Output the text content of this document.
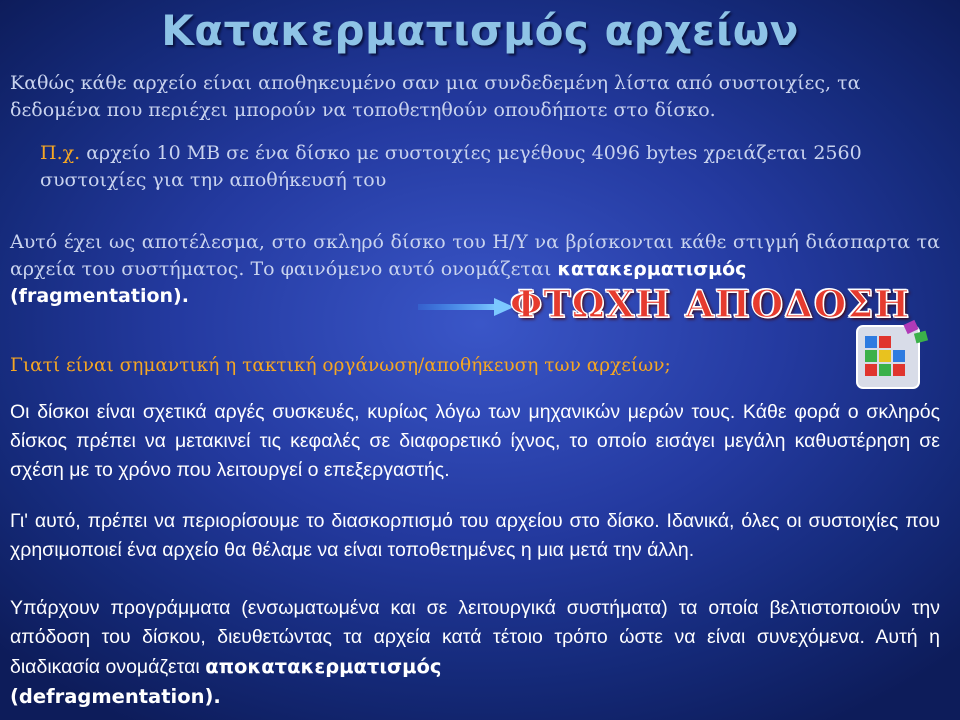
Κατακερματισμός αρχείων
Καθώς κάθε αρχείο είναι αποθηκευμένο σαν μια συνδεδεμένη λίστα από συστοιχίες, τα δεδομένα που περιέχει μπορούν να τοποθετηθούν οπουδήποτε στο δίσκο.
Π.χ. αρχείο 10 MB σε ένα δίσκο με συστοιχίες μεγέθους 4096 bytes χρειάζεται 2560 συστοιχίες για την αποθήκευσή του
Αυτό έχει ως αποτέλεσμα, στο σκληρό δίσκο του Η/Υ να βρίσκονται κάθε στιγμή διάσπαρτα τα αρχεία του συστήματος. Το φαινόμενο αυτό ονομάζεται κατακερματισμός
(fragmentation).	ΦΤΩΧΗ ΑΠΟΔΟΣΗ
Γιατί είναι σημαντική η τακτική οργάνωση/αποθήκευση των αρχείων;
Οι δίσκοι είναι σχετικά αργές συσκευές, κυρίως λόγω των μηχανικών μερών τους. Κάθε φορά ο σκληρός δίσκος πρέπει να μετακινεί τις κεφαλές σε διαφορετικό ίχνος, το οποίο εισάγει μεγάλη καθυστέρηση σε σχέση με το χρόνο που λειτουργεί ο επεξεργαστής.
Γι' αυτό, πρέπει να περιορίσουμε το διασκορπισμό του αρχείου στο δίσκο. Ιδανικά, όλες οι συστοιχίες που χρησιμοποιεί ένα αρχείο θα θέλαμε να είναι τοποθετημένες η μια μετά την άλλη.
Υπάρχουν προγράμματα (ενσωματωμένα και σε λειτουργικά συστήματα) τα οποία βελτιστοποιούν την απόδοση του δίσκου, διευθετώντας τα αρχεία κατά τέτοιο τρόπο ώστε να είναι συνεχόμενα. Αυτή η διαδικασία ονομάζεται αποκατακερματισμός
(defragmentation).
